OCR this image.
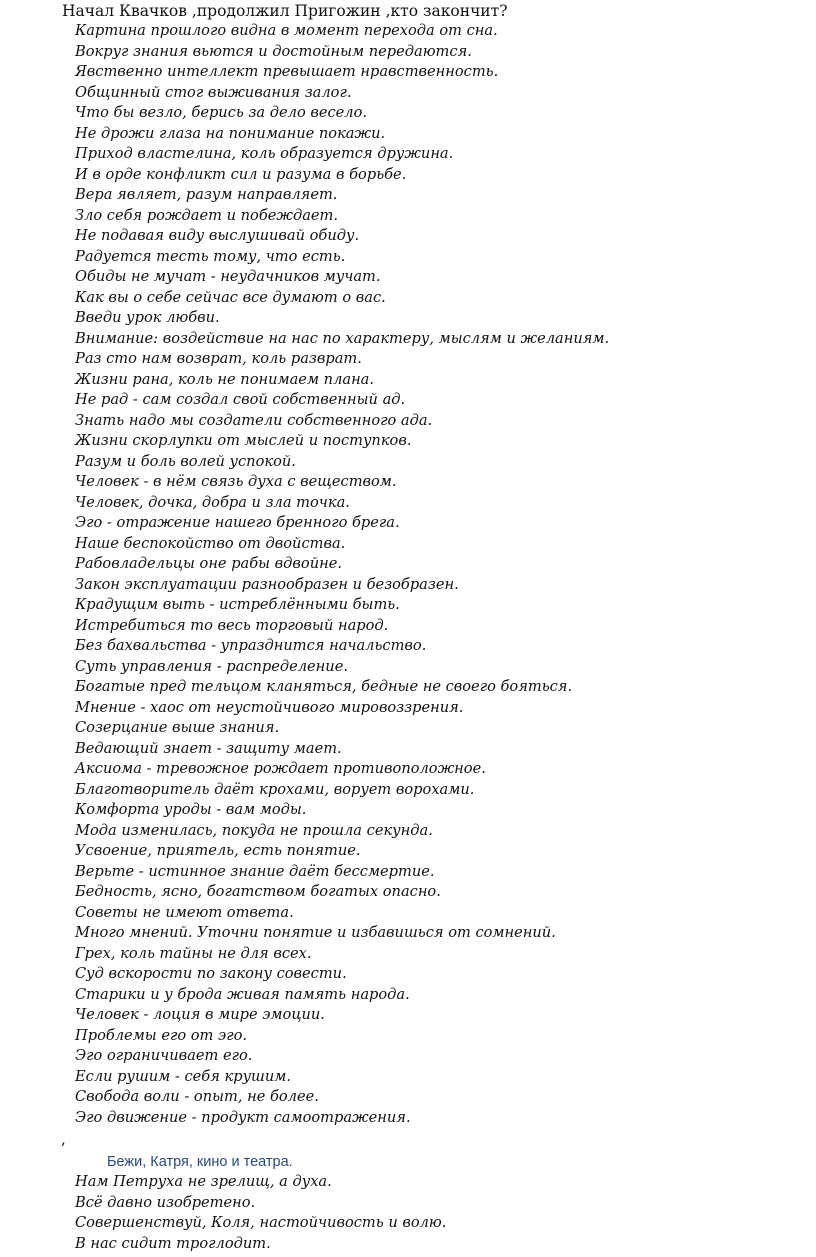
Начал Квачков ,продолжил Пригожин ,кто закончит?
Картина прошлого видна в момент перехода от сна.
Вокруг знания вьются и достойным передаются.
Явственно интеллект превышает нравственность.
Общинный стог выживания залог.
Что бы везло, берись за дело весело.
Не дрожи глаза на понимание покажи.
Приход властелина, коль образуется дружина.
И в орде конфликт сил и разума в борьбе.
Вера являет, разум направляет.
Зло себя рождает и побеждает.
Не подавая виду выслушивай обиду.
Радуется тесть тому, что есть.
Обиды не мучат - неудачников мучат.
Как вы о себе сейчас все думают о вас.
Введи урок любви.
Внимание: воздействие на нас по характеру, мыслям и желаниям.
Раз сто нам возврат, коль разврат.
Жизни рана, коль не понимаем плана.
Не рад - сам создал свой собственный ад.
Знать надо мы создатели собственного ада.
Жизни скорлупки от мыслей и поступков.
Разум и боль волей успокой.
Человек - в нём связь духа с веществом.
Человек, дочка, добра и зла точка.
Эго - отражение нашего бренного брега.
Наше беспокойство от двойства.
Рабовладельцы оне рабы вдвойне.
Закон эксплуатации разнообразен и безобразен.
Крадущим выть - истреблёнными быть.
Истребиться то весь торговый народ.
Без бахвальства - упразднится начальство.
Суть управления - распределение.
Богатые пред тельцом кланяться, бедные не своего бояться.
Мнение - хаос от неустойчивого мировоззрения.
Созерцание выше знания.
Ведающий знает - защиту мает.
Аксиома - тревожное рождает противоположное.
Благотворитель даёт крохами, ворует ворохами.
Комфорта уроды - вам моды.
Мода изменилась, покуда не прошла секунда.
Усвоение, приятель, есть понятие.
Верьте - истинное знание даёт бессмертие.
Бедность, ясно, богатством богатых опасно.
Советы не имеют ответа.
Много мнений. Уточни понятие и избавишься от сомнений.
Грех, коль тайны не для всех.
Суд вскорости по закону совести.
Старики и у брода живая память народа.
Человек - лоция в мире эмоции.
Проблемы его от эго.
Эго ограничивает его.
Если рушим - себя крушим.
Свобода воли - опыт, не более.
Эго движение - продукт самоотражения.
,
Бежи, Катря, кино и театра.
Нам Петруха не зрелищ, а духа.
Всё давно изобретено.
Совершенствуй, Коля, настойчивость и волю.
В нас сидит троглодит.
